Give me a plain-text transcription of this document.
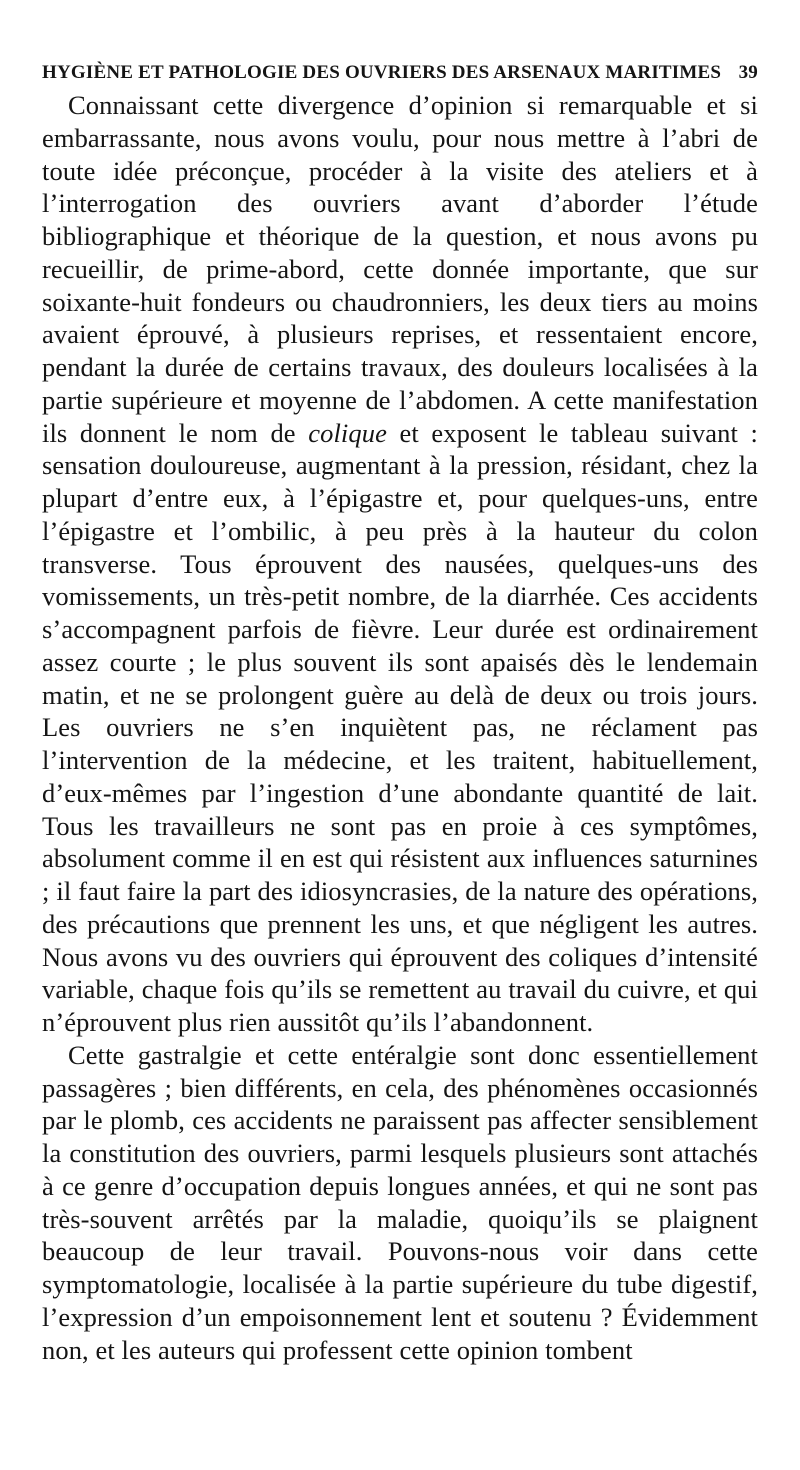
HYGIÈNE ET PATHOLOGIE DES OUVRIERS DES ARSENAUX MARITIMES 39

Connaissant cette divergence d’opinion si remarquable et si embarrassante, nous avons voulu, pour nous mettre à l’abri de toute idée préconçue, procéder à la visite des ateliers et à l’interrogation des ouvriers avant d’aborder l’étude bibliographique et théorique de la question, et nous avons pu recueillir, de prime-abord, cette donnée importante, que sur soixante-huit fondeurs ou chaudronniers, les deux tiers au moins avaient éprouvé, à plusieurs reprises, et ressentaient encore, pendant la durée de certains travaux, des douleurs localisées à la partie supérieure et moyenne de l’abdomen. A cette manifestation ils donnent le nom de colique et exposent le tableau suivant : sensation douloureuse, augmentant à la pression, résidant, chez la plupart d’entre eux, à l’épigastre et, pour quelques-uns, entre l’épigastre et l’ombilic, à peu près à la hauteur du colon transverse. Tous éprouvent des nausées, quelques-uns des vomissements, un très-petit nombre, de la diarrhée. Ces accidents s’accompagnent parfois de fièvre. Leur durée est ordinairement assez courte ; le plus souvent ils sont apaisés dès le lendemain matin, et ne se prolongent guère au delà de deux ou trois jours. Les ouvriers ne s’en inquiètent pas, ne réclament pas l’intervention de la médecine, et les traitent, habituellement, d’eux-mêmes par l’ingestion d’une abondante quantité de lait. Tous les travailleurs ne sont pas en proie à ces symptômes, absolument comme il en est qui résistent aux influences saturnines ; il faut faire la part des idiosyncrasies, de la nature des opérations, des précautions que prennent les uns, et que négligent les autres. Nous avons vu des ouvriers qui éprouvent des coliques d’intensité variable, chaque fois qu’ils se remettent au travail du cuivre, et qui n’éprouvent plus rien aussitôt qu’ils l’abandonnent.

Cette gastralgie et cette entéralgie sont donc essentiellement passagères ; bien différents, en cela, des phénomènes occasionnés par le plomb, ces accidents ne paraissent pas affecter sensiblement la constitution des ouvriers, parmi lesquels plusieurs sont attachés à ce genre d’occupation depuis longues années, et qui ne sont pas très-souvent arrêtés par la maladie, quoiqu’ils se plaignent beaucoup de leur travail. Pouvons-nous voir dans cette symptomatologie, localisée à la partie supérieure du tube digestif, l’expression d’un empoisonnement lent et soutenu ? Évidemment non, et les auteurs qui professent cette opinion tombent
